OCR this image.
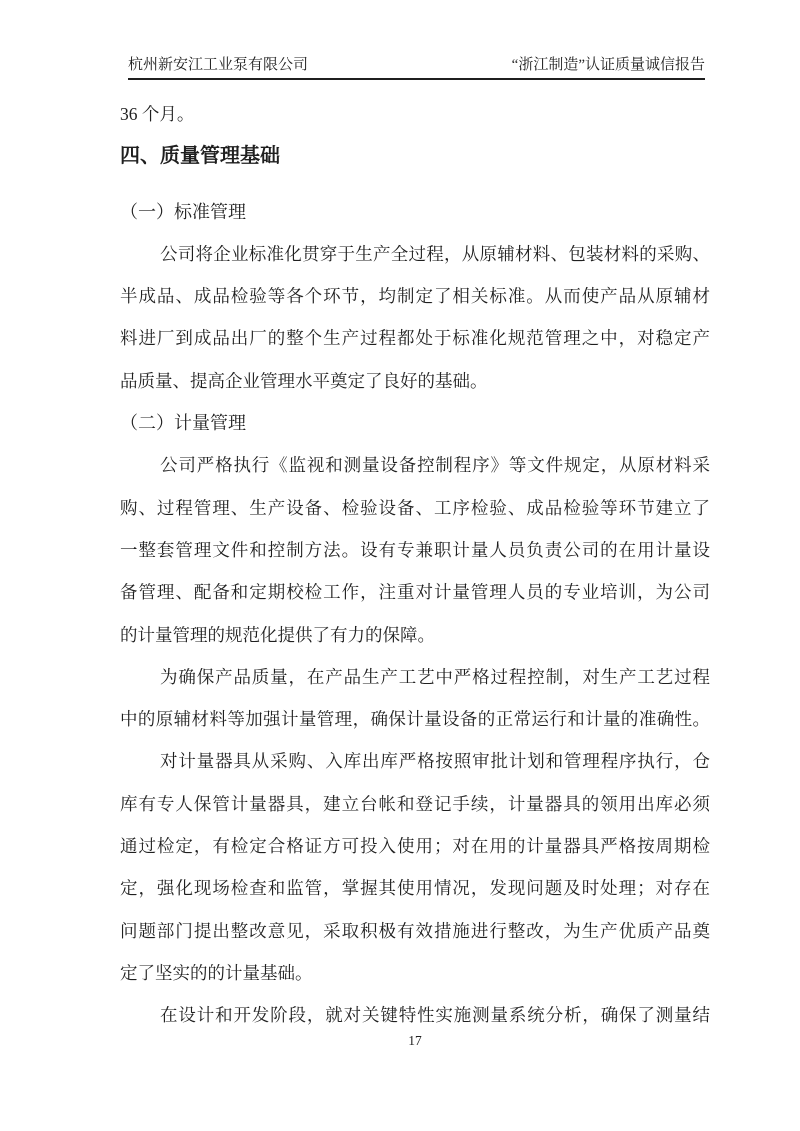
杭州新安江工业泵有限公司	“浙江制造”认证质量诚信报告
36 个月。
四、质量管理基础
（一）标准管理
公司将企业标准化贯穿于生产全过程，从原辅材料、包装材料的采购、
半成品、成品检验等各个环节，均制定了相关标准。从而使产品从原辅材
料进厂到成品出厂的整个生产过程都处于标准化规范管理之中，对稳定产
品质量、提高企业管理水平奠定了良好的基础。
（二）计量管理
公司严格执行《监视和测量设备控制程序》等文件规定，从原材料采
购、过程管理、生产设备、检验设备、工序检验、成品检验等环节建立了
一整套管理文件和控制方法。设有专兼职计量人员负责公司的在用计量设
备管理、配备和定期校检工作，注重对计量管理人员的专业培训，为公司
的计量管理的规范化提供了有力的保障。
为确保产品质量，在产品生产工艺中严格过程控制，对生产工艺过程
中的原辅材料等加强计量管理，确保计量设备的正常运行和计量的准确性。
对计量器具从采购、入库出库严格按照审批计划和管理程序执行，仓
库有专人保管计量器具，建立台帐和登记手续，计量器具的领用出库必须
通过检定，有检定合格证方可投入使用；对在用的计量器具严格按周期检
定，强化现场检查和监管，掌握其使用情况，发现问题及时处理；对存在
问题部门提出整改意见，采取积极有效措施进行整改，为生产优质产品奠
定了坚实的的计量基础。
在设计和开发阶段，就对关键特性实施测量系统分析，确保了测量结
17
